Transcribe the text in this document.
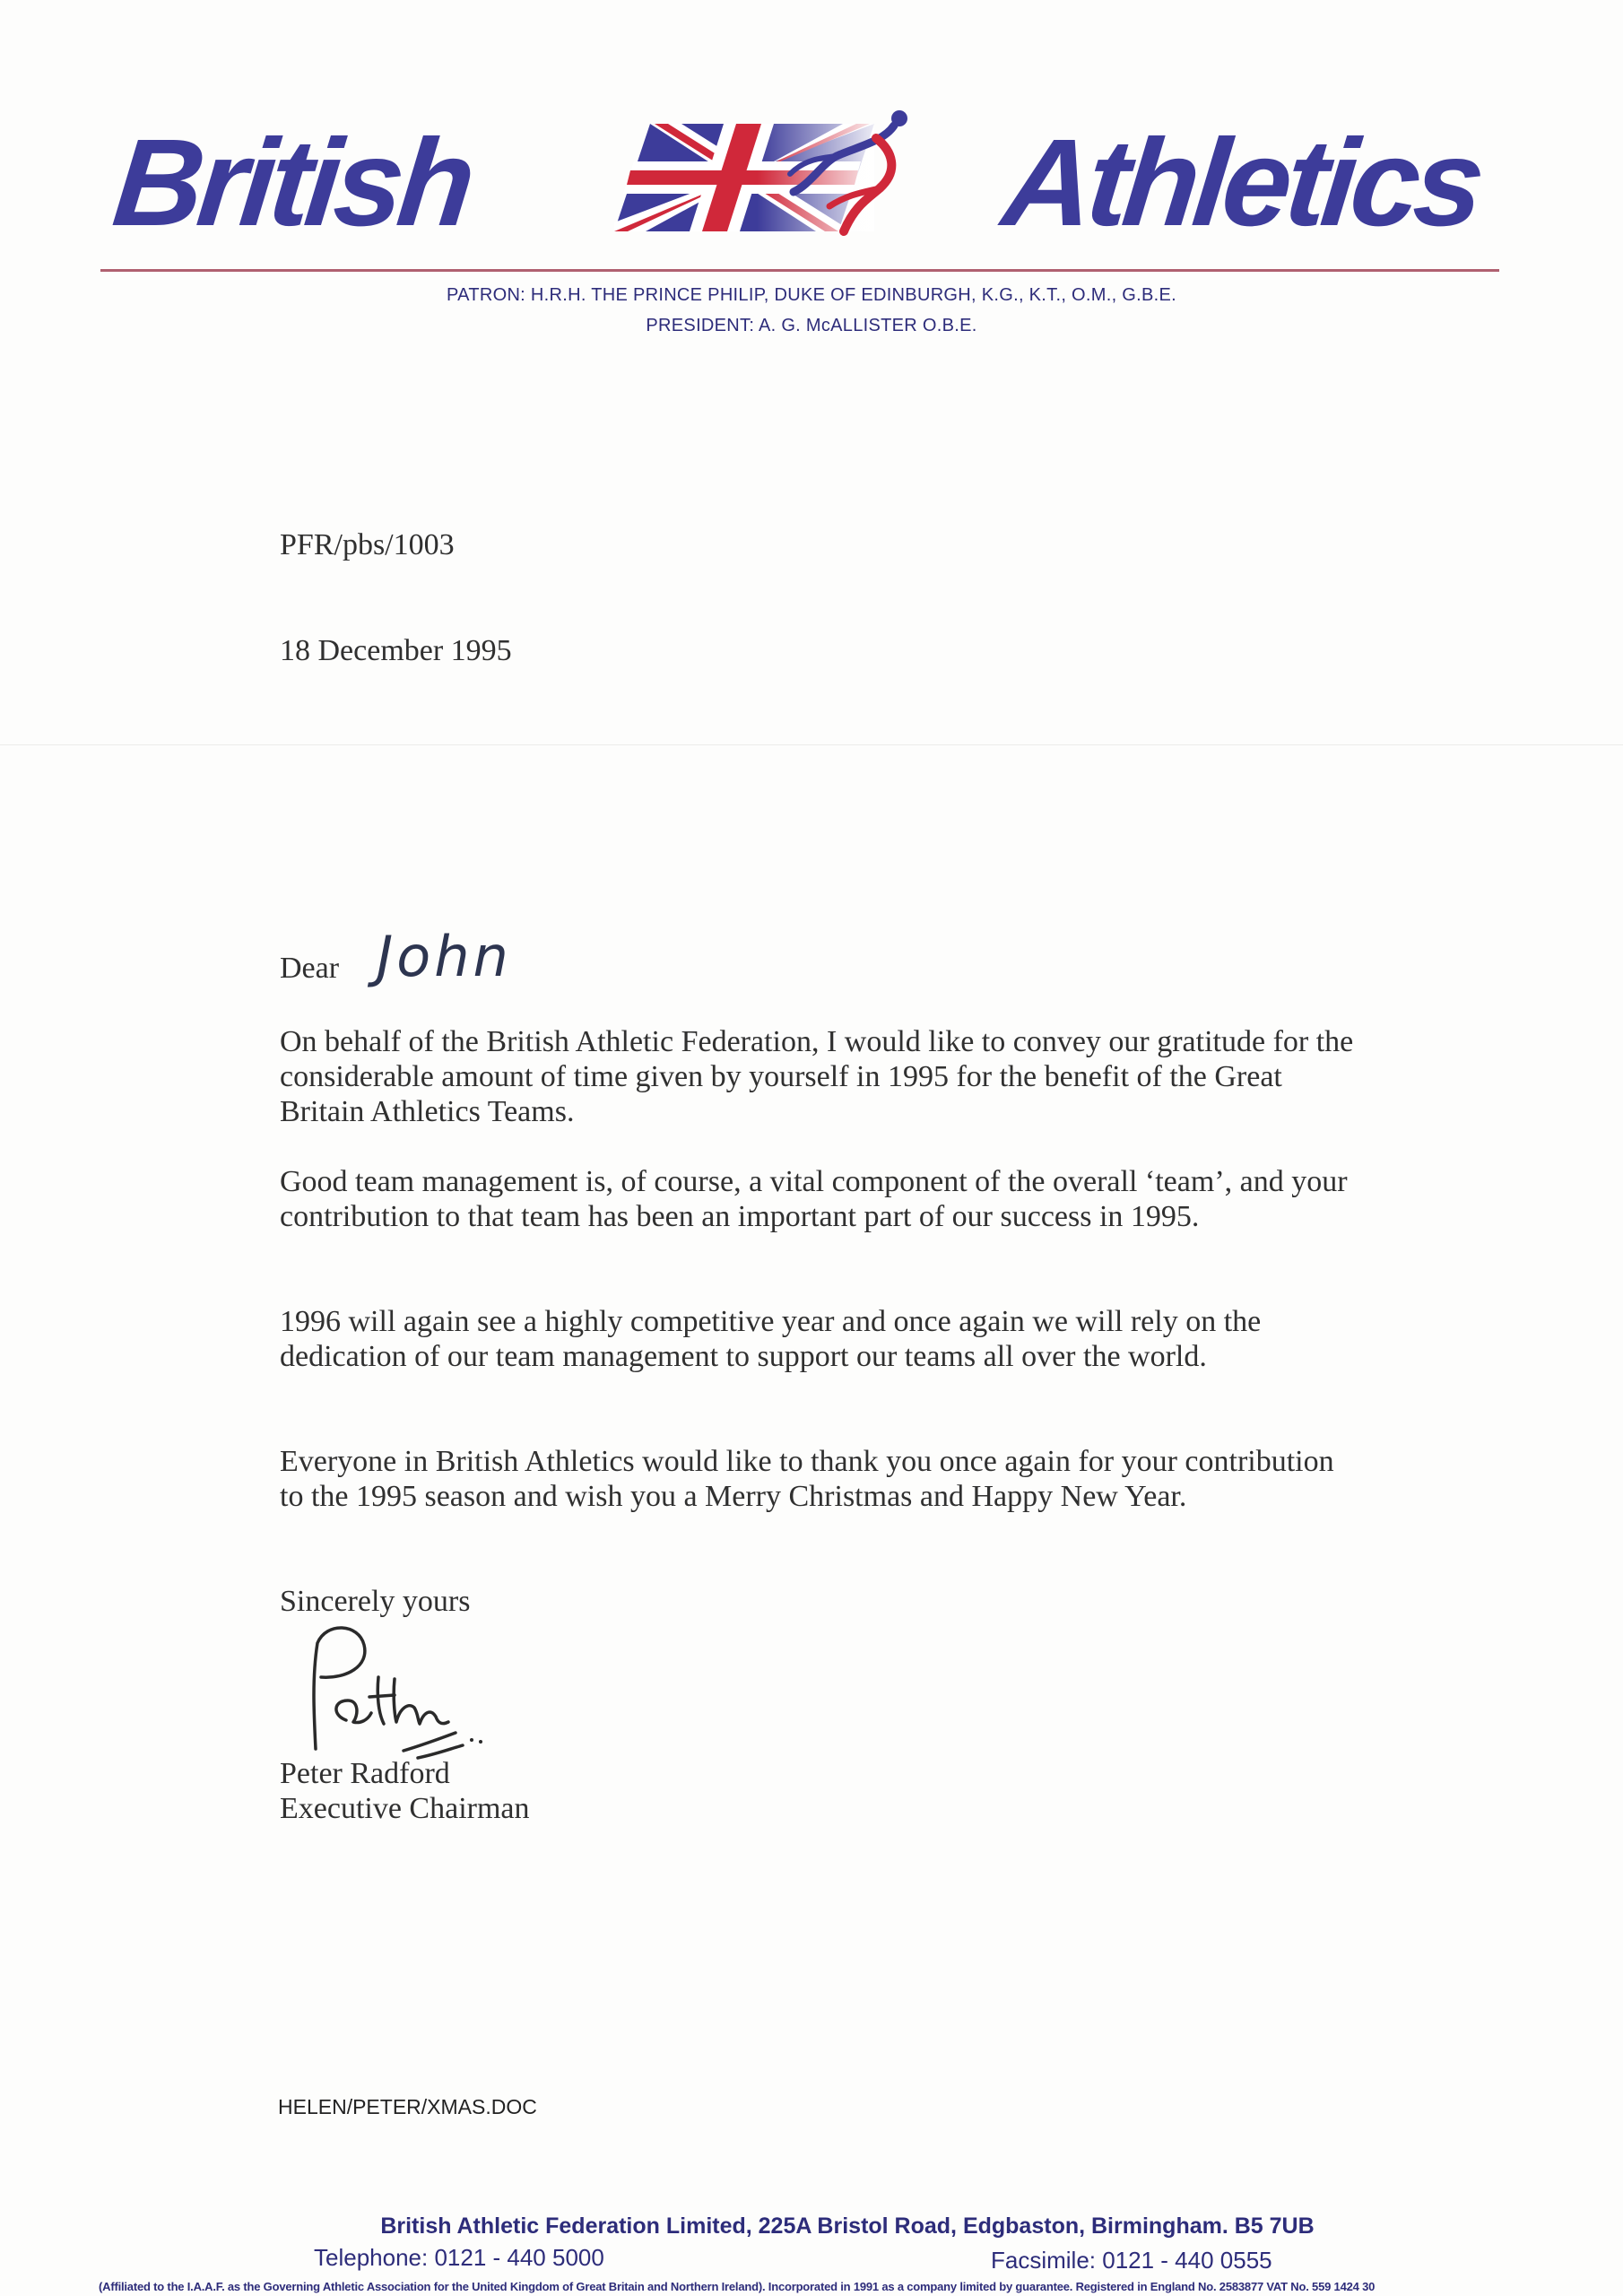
British	Athletics
PATRON: H.R.H. THE PRINCE PHILIP, DUKE OF EDINBURGH, K.G., K.T., O.M., G.B.E.
PRESIDENT: A. G. McALLISTER O.B.E.
PFR/pbs/1003
18 December 1995
Dear John
On behalf of the British Athletic Federation, I would like to convey our gratitude for the considerable amount of time given by yourself in 1995 for the benefit of the Great Britain Athletics Teams.
Good team management is, of course, a vital component of the overall ‘team’, and your contribution to that team has been an important part of our success in 1995.
1996 will again see a highly competitive year and once again we will rely on the dedication of our team management to support our teams all over the world.
Everyone in British Athletics would like to thank you once again for your contribution to the 1995 season and wish you a Merry Christmas and Happy New Year.
Sincerely yours
Peter Radford
Executive Chairman
HELEN/PETER/XMAS.DOC
British Athletic Federation Limited, 225A Bristol Road, Edgbaston, Birmingham. B5 7UB
Telephone: 0121 - 440 5000	Facsimile: 0121 - 440 0555
(Affiliated to the I.A.A.F. as the Governing Athletic Association for the United Kingdom of Great Britain and Northern Ireland). Incorporated in 1991 as a company limited by guarantee. Registered in England No. 2583877 VAT No. 559 1424 30
